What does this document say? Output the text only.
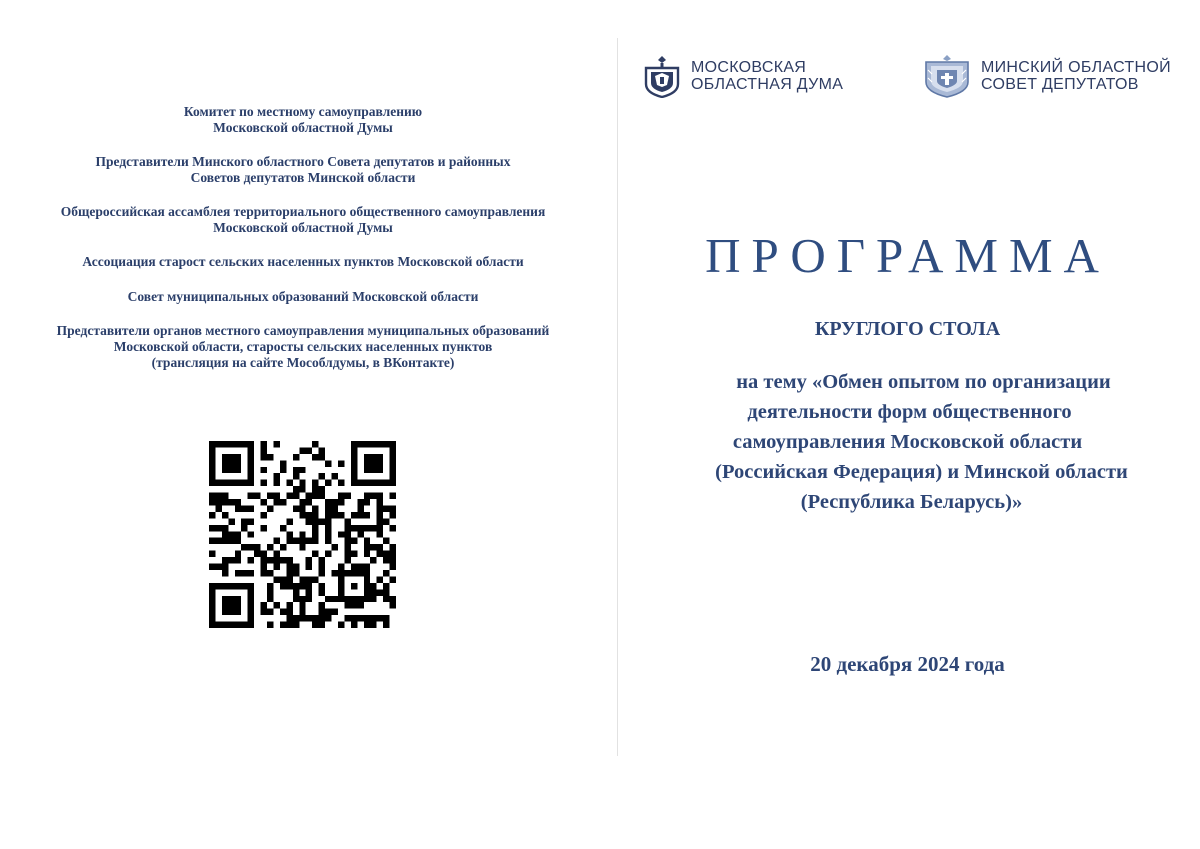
Комитет по местному самоуправлению
Московской областной Думы
Представители Минского областного Совета депутатов и районных
Советов депутатов Минской области
Общероссийская ассамблея территориального общественного самоуправления
Московской областной Думы
Ассоциация старост сельских населенных пунктов Московской области
Совет муниципальных образований Московской области
Представители органов местного самоуправления муниципальных образований
Московской области, старосты сельских населенных пунктов
(трансляция на сайте Мособлдумы, в ВКонтакте)
МОСКОВСКАЯ
ОБЛАСТНАЯ ДУМА
МИНСКИЙ ОБЛАСТНОЙ
СОВЕТ ДЕПУТАТОВ
ПРОГРАММА
КРУГЛОГО СТОЛА
на тему «Обмен опытом по организации
деятельности форм общественного
самоуправления Московской области
(Российская Федерация) и Минской области
(Республика Беларусь)»
20 декабря 2024 года
